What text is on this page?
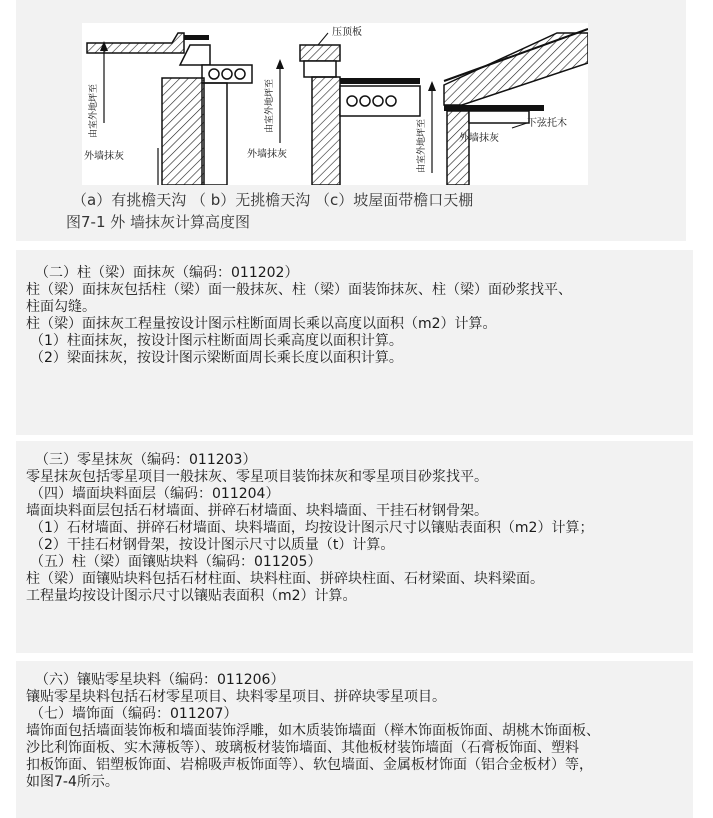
压顶板
外墙抹灰	外墙抹灰
外墙抹灰
下弦托木
由室外地坪至	由室外地坪至
由室外地坪至
（a）有挑檐天沟 （ b）无挑檐天沟 （c）坡屋面带檐口天棚
图7-1 外 墙抹灰计算高度图
（二）柱（梁）面抹灰（编码：011202）
柱（梁）面抹灰包括柱（梁）面一般抹灰、柱（梁）面装饰抹灰、柱（梁）面砂浆找平、
柱面勾缝。
柱（梁）面抹灰工程量按设计图示柱断面周长乘以高度以面积（m2）计算。
（1）柱面抹灰，按设计图示柱断面周长乘高度以面积计算。
（2）梁面抹灰，按设计图示梁断面周长乘长度以面积计算。
（三）零星抹灰（编码：011203）
零星抹灰包括零星项目一般抹灰、零星项目装饰抹灰和零星项目砂浆找平。
（四）墙面块料面层（编码：011204）
墙面块料面层包括石材墙面、拼碎石材墙面、块料墙面、干挂石材钢骨架。
（1）石材墙面、拼碎石材墙面、块料墙面，均按设计图示尺寸以镶贴表面积（m2）计算；
（2）干挂石材钢骨架，按设计图示尺寸以质量（t）计算。
（五）柱（梁）面镶贴块料（编码：011205）
柱（梁）面镶贴块料包括石材柱面、块料柱面、拼碎块柱面、石材梁面、块料梁面。
工程量均按设计图示尺寸以镶贴表面积（m2）计算。
（六）镶贴零星块料（编码：011206）
镶贴零星块料包括石材零星项目、块料零星项目、拼碎块零星项目。
（七）墙饰面（编码：011207）
墙饰面包括墙面装饰板和墙面装饰浮雕，如木质装饰墙面（榉木饰面板饰面、胡桃木饰面板、
沙比利饰面板、实木薄板等）、玻璃板材装饰墙面、其他板材装饰墙面（石膏板饰面、塑料
扣板饰面、铝塑板饰面、岩棉吸声板饰面等）、软包墙面、金属板材饰面（铝合金板材）等，
如图7-4所示。
